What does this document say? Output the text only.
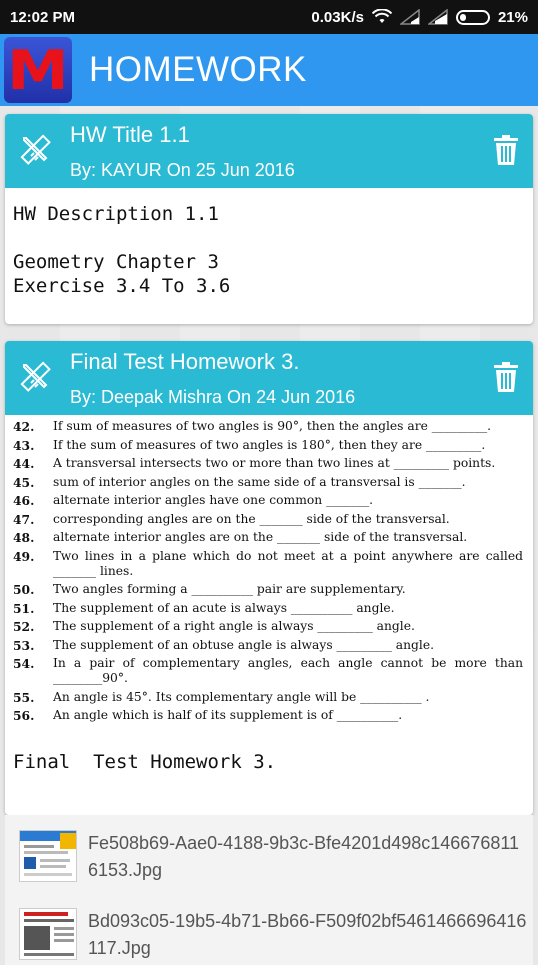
12:02 PM	0.03K/s	21%
M HOMEWORK
HW Title 1.1
By: KAYUR On 25 Jun 2016
HW Description 1.1

Geometry Chapter 3
Exercise 3.4 To 3.6
Final Test Homework 3.
By: Deepak Mishra On 24 Jun 2016
42.	If sum of measures of two angles is 90°, then the angles are _________.
43.	If the sum of measures of two angles is 180°, then they are _________.
44.	A transversal intersects two or more than two lines at _________ points.
45.	sum of interior angles on the same side of a transversal is _______.
46.	alternate interior angles have one common _______.
47.	corresponding angles are on the _______ side of the transversal.
48.	alternate interior angles are on the _______ side of the transversal.
49.	Two lines in a plane which do not meet at a point anywhere are called _______ lines.
50.	Two angles forming a __________ pair are supplementary.
51.	The supplement of an acute is always __________ angle.
52.	The supplement of a right angle is always _________ angle.
53.	The supplement of an obtuse angle is always _________ angle.
54.	In a pair of complementary angles, each angle cannot be more than ________90°.
55.	An angle is 45°. Its complementary angle will be __________ .
56.	An angle which is half of its supplement is of __________.
Final  Test Homework 3.
Fe508b69-Aae0-4188-9b3c-Bfe4201d498c1466768116153.Jpg
Bd093c05-19b5-4b71-Bb66-F509f02bf5461466696416117.Jpg
